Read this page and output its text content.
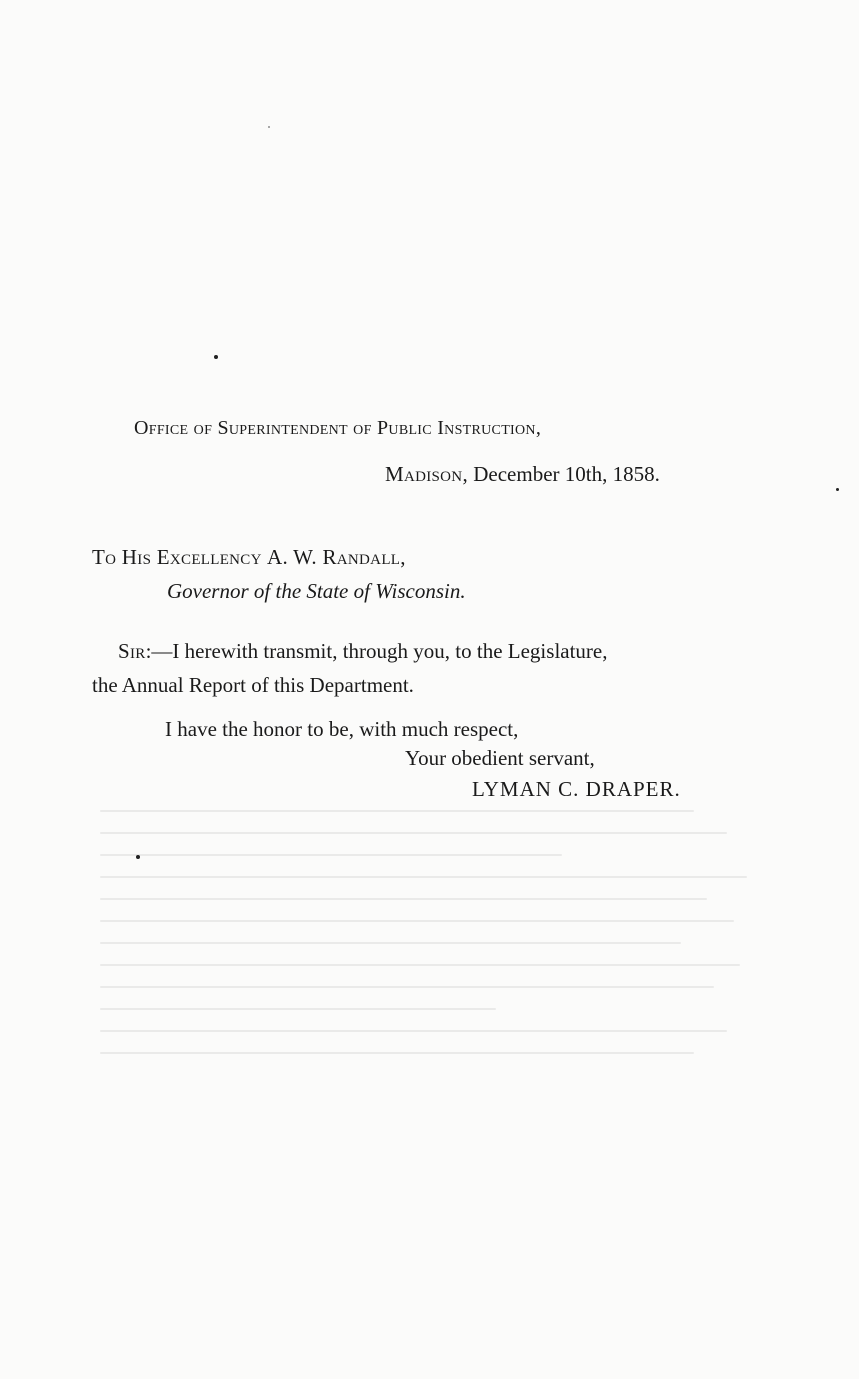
Office of Superintendent of Public Instruction,
Madison, December 10th, 1858.
To His Excellency A. W. Randall,
Governor of the State of Wisconsin.
Sir:—I herewith transmit, through you, to the Legislature,
the Annual Report of this Department.
I have the honor to be, with much respect,
Your obedient servant,
LYMAN C. DRAPER.
